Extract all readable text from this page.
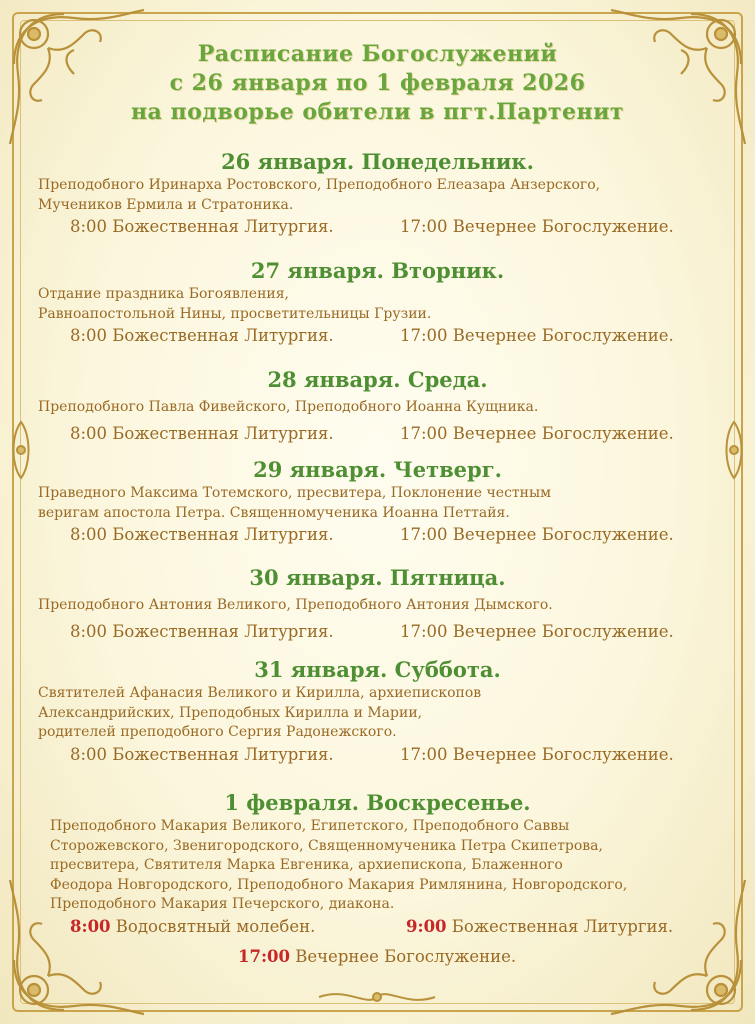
Расписание Богослужений
с 26 января по 1 февраля 2026
на подворье обители в пгт.Партенит
26 января. Понедельник.
Преподобного Иринарха Ростовского, Преподобного Елеазара Анзерского,
Мучеников Ермила и Стратоника.
8:00 Божественная Литургия.	17:00 Вечернее Богослужение.
27 января. Вторник.
Отдание праздника Богоявления,
Равноапостольной Нины, просветительницы Грузии.
8:00 Божественная Литургия.	17:00 Вечернее Богослужение.
28 января. Среда.
Преподобного Павла Фивейского, Преподобного Иоанна Кущника.
8:00 Божественная Литургия.	17:00 Вечернее Богослужение.
29 января. Четверг.
Праведного Максима Тотемского, пресвитера, Поклонение честным
веригам апостола Петра. Священномученика Иоанна Петтайя.
8:00 Божественная Литургия.	17:00 Вечернее Богослужение.
30 января. Пятница.
Преподобного Антония Великого, Преподобного Антония Дымского.
8:00 Божественная Литургия.	17:00 Вечернее Богослужение.
31 января. Суббота.
Святителей Афанасия Великого и Кирилла, архиепископов
Александрийских, Преподобных Кирилла и Марии,
родителей преподобного Сергия Радонежского.
8:00 Божественная Литургия.	17:00 Вечернее Богослужение.
1 февраля. Воскресенье.
Преподобного Макария Великого, Египетского, Преподобного Саввы
Сторожевского, Звенигородского, Священномученика Петра Скипетрова,
пресвитера, Святителя Марка Евгеника, архиепископа, Блаженного
Феодора Новгородского, Преподобного Макария Римлянина, Новгородского,
Преподобного Макария Печерского, диакона.
8:00 Водосвятный молебен.	9:00 Божественная Литургия.
17:00 Вечернее Богослужение.
